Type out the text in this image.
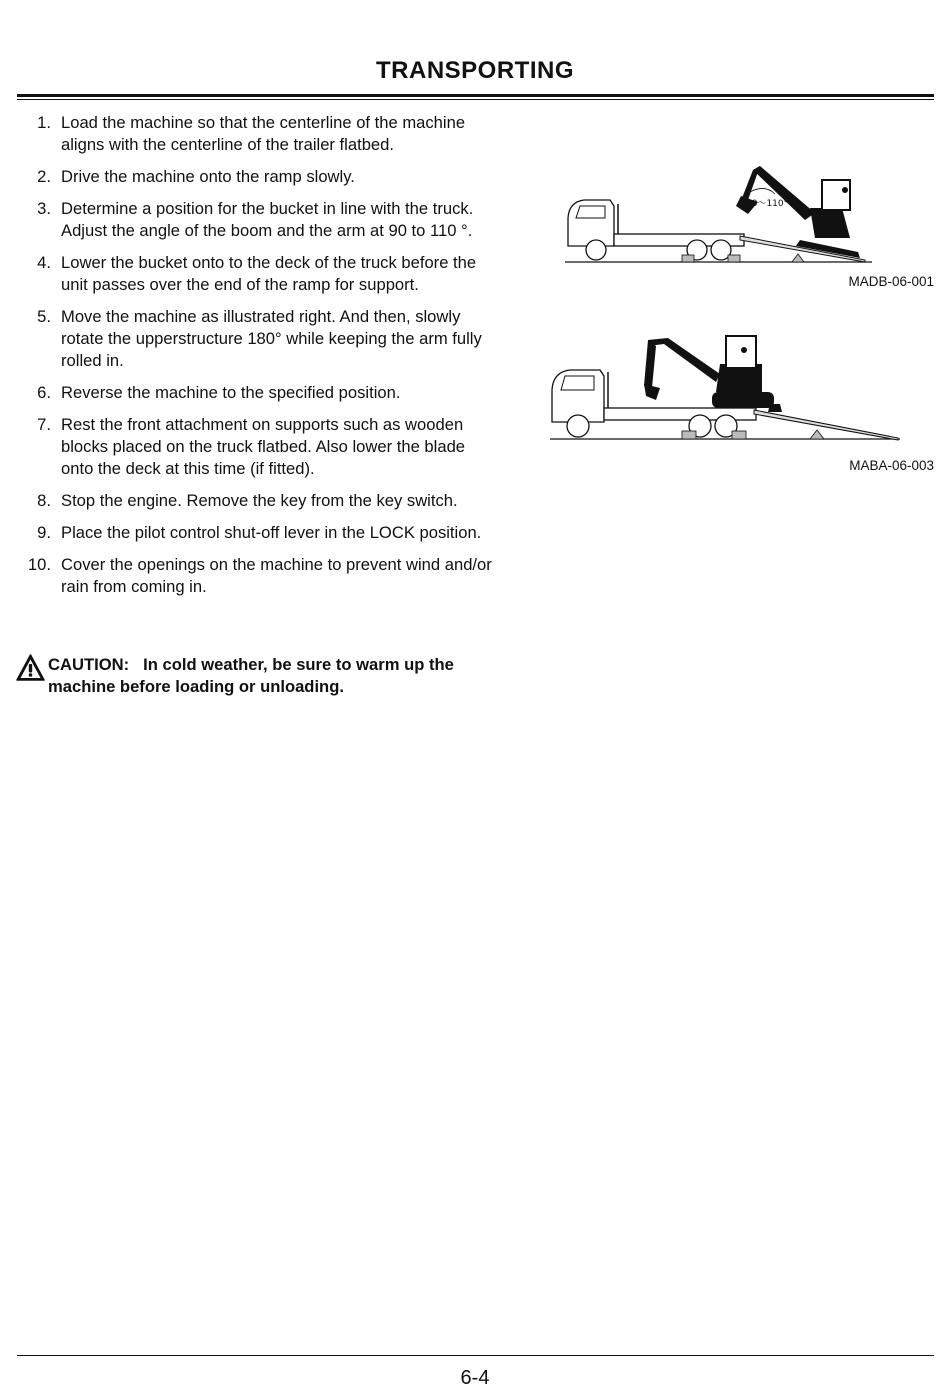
TRANSPORTING
1. Load the machine so that the centerline of the machine aligns with the centerline of the trailer flatbed.
2. Drive the machine onto the ramp slowly.
3. Determine a position for the bucket in line with the truck. Adjust the angle of the boom and the arm at 90 to 110 °.
4. Lower the bucket onto to the deck of the truck before the unit passes over the end of the ramp for support.
5. Move the machine as illustrated right. And then, slowly rotate the upperstructure 180° while keeping the arm fully rolled in.
6. Reverse the machine to the specified position.
7. Rest the front attachment on supports such as wooden blocks placed on the truck flatbed. Also lower the blade onto the deck at this time (if fitted).
8. Stop the engine. Remove the key from the key switch.
9. Place the pilot control shut-off lever in the LOCK position.
10. Cover the openings on the machine to prevent wind and/or rain from coming in.
CAUTION: In cold weather, be sure to warm up the machine before loading or unloading.
90～110°
MADB-06-001
MABA-06-003
6-4
